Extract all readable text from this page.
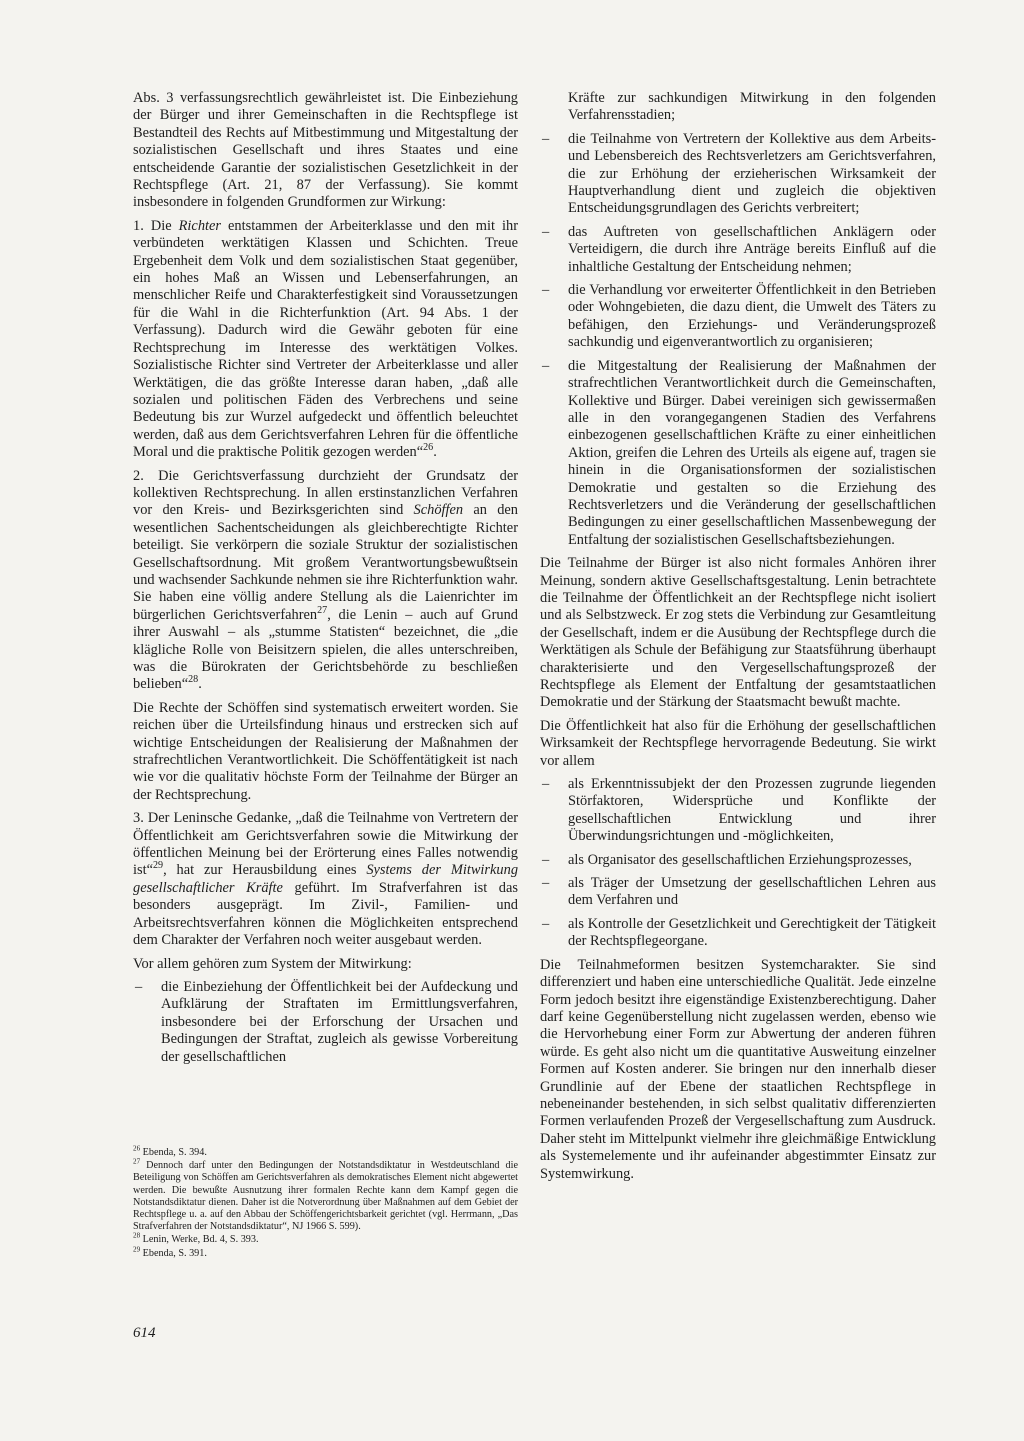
Abs. 3 verfassungsrechtlich gewährleistet ist. Die Einbeziehung der Bürger und ihrer Gemeinschaften in die Rechtspflege ist Bestandteil des Rechts auf Mitbestimmung und Mitgestaltung der sozialistischen Gesellschaft und ihres Staates und eine entscheidende Garantie der sozialistischen Gesetzlichkeit in der Rechtspflege (Art. 21, 87 der Verfassung). Sie kommt insbesondere in folgenden Grundformen zur Wirkung:

1. Die Richter entstammen der Arbeiterklasse und den mit ihr verbündeten werktätigen Klassen und Schichten. Treue Ergebenheit dem Volk und dem sozialistischen Staat gegenüber, ein hohes Maß an Wissen und Lebenserfahrungen, an menschlicher Reife und Charakterfestigkeit sind Voraussetzungen für die Wahl in die Richterfunktion (Art. 94 Abs. 1 der Verfassung). Dadurch wird die Gewähr geboten für eine Rechtsprechung im Interesse des werktätigen Volkes. Sozialistische Richter sind Vertreter der Arbeiterklasse und aller Werktätigen, die das größte Interesse daran haben, „daß alle sozialen und politischen Fäden des Verbrechens und seine Bedeutung bis zur Wurzel aufgedeckt und öffentlich beleuchtet werden, daß aus dem Gerichtsverfahren Lehren für die öffentliche Moral und die praktische Politik gezogen werden“$^{26}$.

2. Die Gerichtsverfassung durchzieht der Grundsatz der kollektiven Rechtsprechung. In allen erstinstanzlichen Verfahren vor den Kreis- und Bezirksgerichten sind Schöffen an den wesentlichen Sachentscheidungen als gleichberechtigte Richter beteiligt. Sie verkörpern die soziale Struktur der sozialistischen Gesellschaftsordnung. Mit großem Verantwortungsbewußtsein und wachsender Sachkunde nehmen sie ihre Richterfunktion wahr. Sie haben eine völlig andere Stellung als die Laienrichter im bürgerlichen Gerichtsverfahren$^{27}$, die Lenin – auch auf Grund ihrer Auswahl – als „stumme Statisten“ bezeichnet, die „die klägliche Rolle von Beisitzern spielen, die alles unterschreiben, was die Bürokraten der Gerichtsbehörde zu beschließen belieben“$^{28}$.

Die Rechte der Schöffen sind systematisch erweitert worden. Sie reichen über die Urteilsfindung hinaus und erstrecken sich auf wichtige Entscheidungen der Realisierung der Maßnahmen der strafrechtlichen Verantwortlichkeit. Die Schöffentätigkeit ist nach wie vor die qualitativ höchste Form der Teilnahme der Bürger an der Rechtsprechung.

3. Der Leninsche Gedanke, „daß die Teilnahme von Vertretern der Öffentlichkeit am Gerichtsverfahren sowie die Mitwirkung der öffentlichen Meinung bei der Erörterung eines Falles notwendig ist“$^{29}$, hat zur Herausbildung eines Systems der Mitwirkung gesellschaftlicher Kräfte geführt. Im Strafverfahren ist das besonders ausgeprägt. Im Zivil-, Familien- und Arbeitsrechtsverfahren können die Möglichkeiten entsprechend dem Charakter der Verfahren noch weiter ausgebaut werden.

Vor allem gehören zum System der Mitwirkung:

– die Einbeziehung der Öffentlichkeit bei der Aufdeckung und Aufklärung der Straftaten im Ermittlungsverfahren, insbesondere bei der Erforschung der Ursachen und Bedingungen der Straftat, zugleich als gewisse Vorbereitung der gesellschaftlichen
Kräfte zur sachkundigen Mitwirkung in den folgenden Verfahrensstadien;
– die Teilnahme von Vertretern der Kollektive aus dem Arbeits- und Lebensbereich des Rechtsverletzers am Gerichtsverfahren, die zur Erhöhung der erzieherischen Wirksamkeit der Hauptverhandlung dient und zugleich die objektiven Entscheidungsgrundlagen des Gerichts verbreitert;
– das Auftreten von gesellschaftlichen Anklägern oder Verteidigern, die durch ihre Anträge bereits Einfluß auf die inhaltliche Gestaltung der Entscheidung nehmen;
– die Verhandlung vor erweiterter Öffentlichkeit in den Betrieben oder Wohngebieten, die dazu dient, die Umwelt des Täters zu befähigen, den Erziehungs- und Veränderungsprozeß sachkundig und eigenverantwortlich zu organisieren;
– die Mitgestaltung der Realisierung der Maßnahmen der strafrechtlichen Verantwortlichkeit durch die Gemeinschaften, Kollektive und Bürger. Dabei vereinigen sich gewissermaßen alle in den vorangegangenen Stadien des Verfahrens einbezogenen gesellschaftlichen Kräfte zu einer einheitlichen Aktion, greifen die Lehren des Urteils als eigene auf, tragen sie hinein in die Organisationsformen der sozialistischen Demokratie und gestalten so die Erziehung des Rechtsverletzers und die Veränderung der gesellschaftlichen Bedingungen zu einer gesellschaftlichen Massenbewegung der Entfaltung der sozialistischen Gesellschaftsbeziehungen.

Die Teilnahme der Bürger ist also nicht formales Anhören ihrer Meinung, sondern aktive Gesellschaftsgestaltung. Lenin betrachtete die Teilnahme der Öffentlichkeit an der Rechtspflege nicht isoliert und als Selbstzweck. Er zog stets die Verbindung zur Gesamtleitung der Gesellschaft, indem er die Ausübung der Rechtspflege durch die Werktätigen als Schule der Befähigung zur Staatsführung überhaupt charakterisierte und den Vergesellschaftungsprozeß der Rechtspflege als Element der Entfaltung der gesamtstaatlichen Demokratie und der Stärkung der Staatsmacht bewußt machte.

Die Öffentlichkeit hat also für die Erhöhung der gesellschaftlichen Wirksamkeit der Rechtspflege hervorragende Bedeutung. Sie wirkt vor allem

– als Erkenntnissubjekt der den Prozessen zugrunde liegenden Störfaktoren, Widersprüche und Konflikte der gesellschaftlichen Entwicklung und ihrer Überwindungsrichtungen und -möglichkeiten,
– als Organisator des gesellschaftlichen Erziehungsprozesses,
– als Träger der Umsetzung der gesellschaftlichen Lehren aus dem Verfahren und
– als Kontrolle der Gesetzlichkeit und Gerechtigkeit der Tätigkeit der Rechtspflegeorgane.

Die Teilnahmeformen besitzen Systemcharakter. Sie sind differenziert und haben eine unterschiedliche Qualität. Jede einzelne Form jedoch besitzt ihre eigenständige Existenzberechtigung. Daher darf keine Gegenüberstellung nicht zugelassen werden, ebenso wie die Hervorhebung einer Form zur Abwertung der anderen führen würde. Es geht also nicht um die quantitative Ausweitung einzelner Formen auf Kosten anderer. Sie bringen nur den innerhalb dieser Grundlinie auf der Ebene der staatlichen Rechtspflege in nebeneinander bestehenden, in sich selbst qualitativ differenzierten Formen verlaufenden Prozeß der Vergesellschaftung zum Ausdruck. Daher steht im Mittelpunkt vielmehr ihre gleichmäßige Entwicklung als Systemelemente und ihr aufeinander abgestimmter Einsatz zur Systemwirkung.

$^{26}$ Ebenda, S. 394.

$^{27}$ Dennoch darf unter den Bedingungen der Notstandsdiktatur in Westdeutschland die Beteiligung von Schöffen am Gerichtsverfahren als demokratisches Element nicht abgewertet werden. Die bewußte Ausnutzung ihrer formalen Rechte kann dem Kampf gegen die Notstandsdiktatur dienen. Daher ist die Notverordnung über Maßnahmen auf dem Gebiet der Rechtspflege u. a. auf den Abbau der Schöffengerichtsbarkeit gerichtet (vgl. Herrmann, „Das Strafverfahren der Notstandsdiktatur“, NJ 1966 S. 599).

$^{28}$ Lenin, Werke, Bd. 4, S. 393.

$^{29}$ Ebenda, S. 391.

614
